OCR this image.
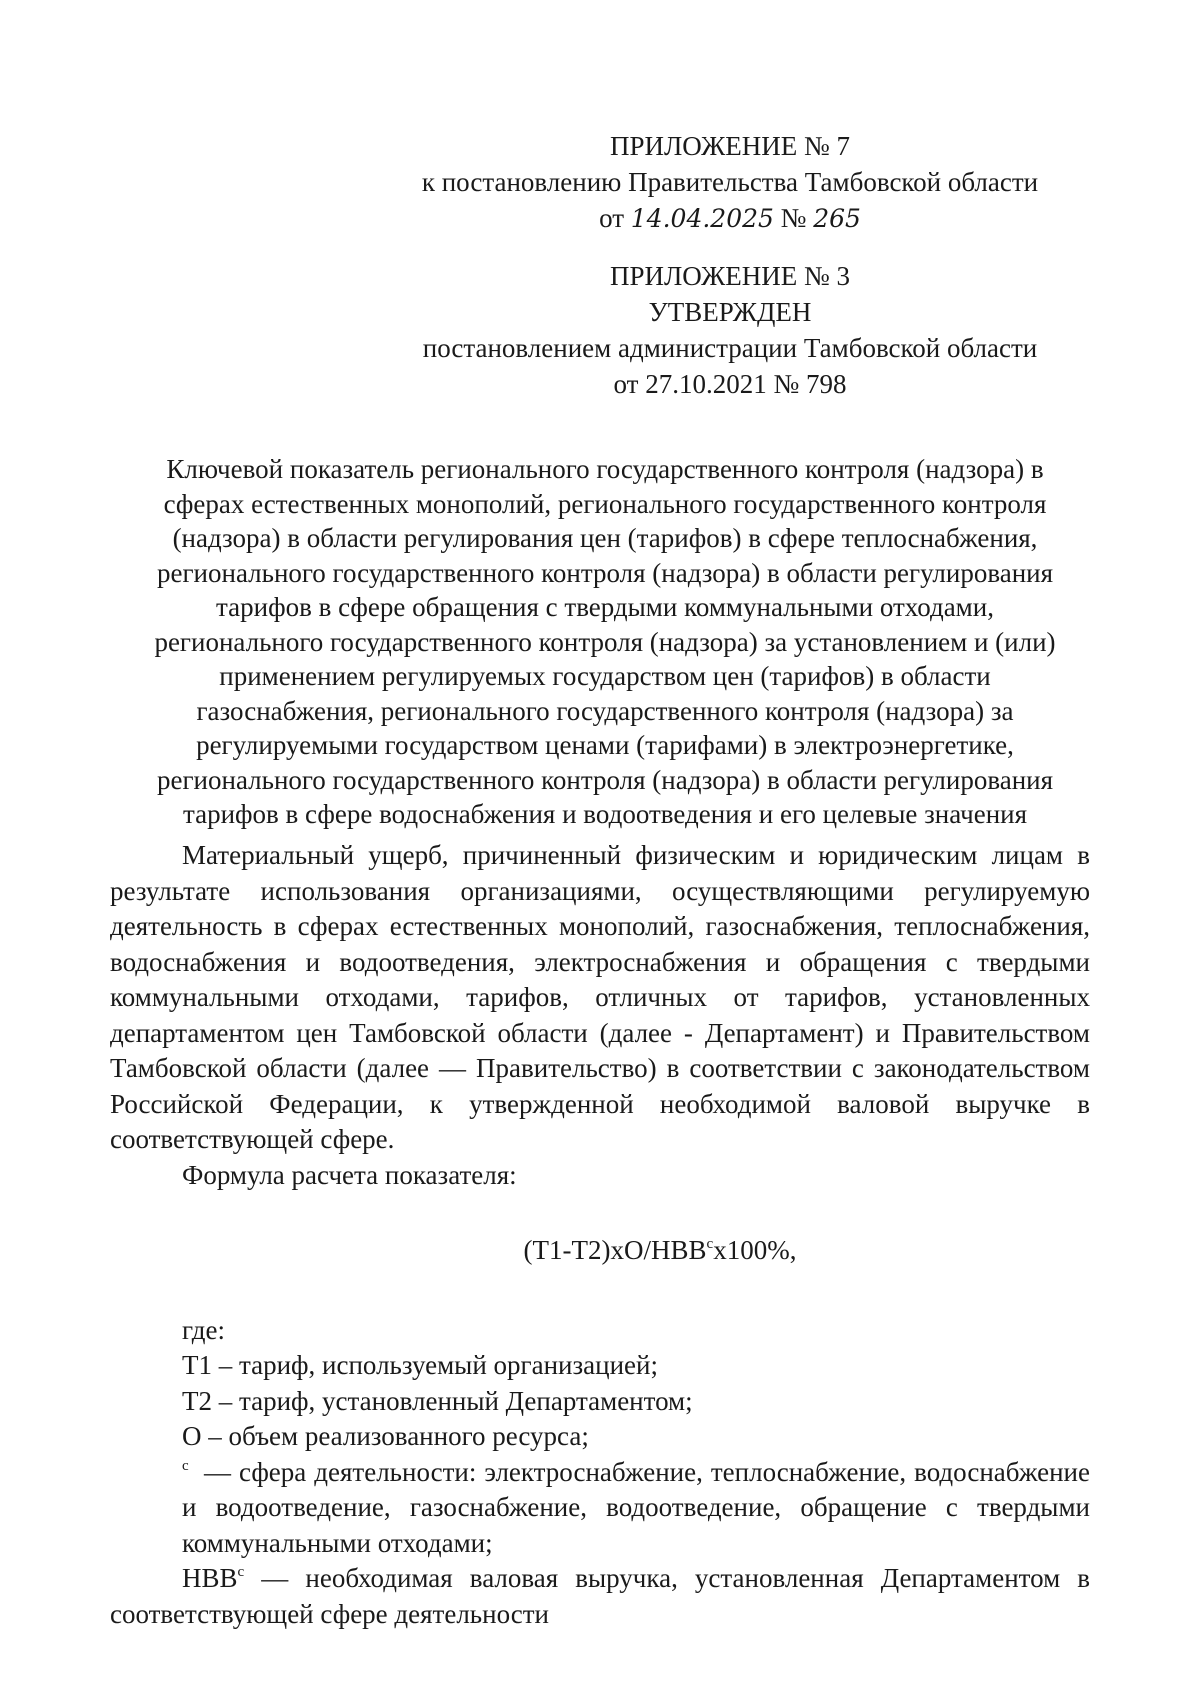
ПРИЛОЖЕНИЕ № 7
к постановлению Правительства Тамбовской области
от 14.04.2025 № 265
ПРИЛОЖЕНИЕ № 3
УТВЕРЖДЕН
постановлением администрации Тамбовской области
от 27.10.2021 № 798
Ключевой показатель регионального государственного контроля (надзора) в
сферах естественных монополий, регионального государственного контроля
(надзора) в области регулирования цен (тарифов) в сфере теплоснабжения,
регионального государственного контроля (надзора) в области регулирования
тарифов в сфере обращения с твердыми коммунальными отходами,
регионального государственного контроля (надзора) за установлением и (или)
применением регулируемых государством цен (тарифов) в области
газоснабжения, регионального государственного контроля (надзора) за
регулируемыми государством ценами (тарифами) в электроэнергетике,
регионального государственного контроля (надзора) в области регулирования
тарифов в сфере водоснабжения и водоотведения и его целевые значения

Материальный ущерб, причиненный физическим и юридическим лицам в результате использования организациями, осуществляющими регулируемую деятельность в сферах естественных монополий, газоснабжения, теплоснабжения, водоснабжения и водоотведения, электроснабжения и обращения с твердыми коммунальными отходами, тарифов, отличных от тарифов, установленных департаментом цен Тамбовской области (далее - Департамент) и Правительством Тамбовской области (далее — Правительство) в соответствии с законодательством Российской Федерации, к утвержденной необходимой валовой выручке в соответствующей сфере.

Формула расчета показателя:

$(Т1-Т2)хО/НВВ^сx100\%$,

где:

Т1 – тариф, используемый организацией;

Т2 – тариф, установленный Департаментом;

О – объем реализованного ресурса;

$^с$ — сфера деятельности: электроснабжение, теплоснабжение, водоснабжение и водоотведение, газоснабжение, водоотведение, обращение с твердыми коммунальными отходами;

$НВВ^с$ — необходимая валовая выручка, установленная Департаментом в соответствующей сфере деятельности
